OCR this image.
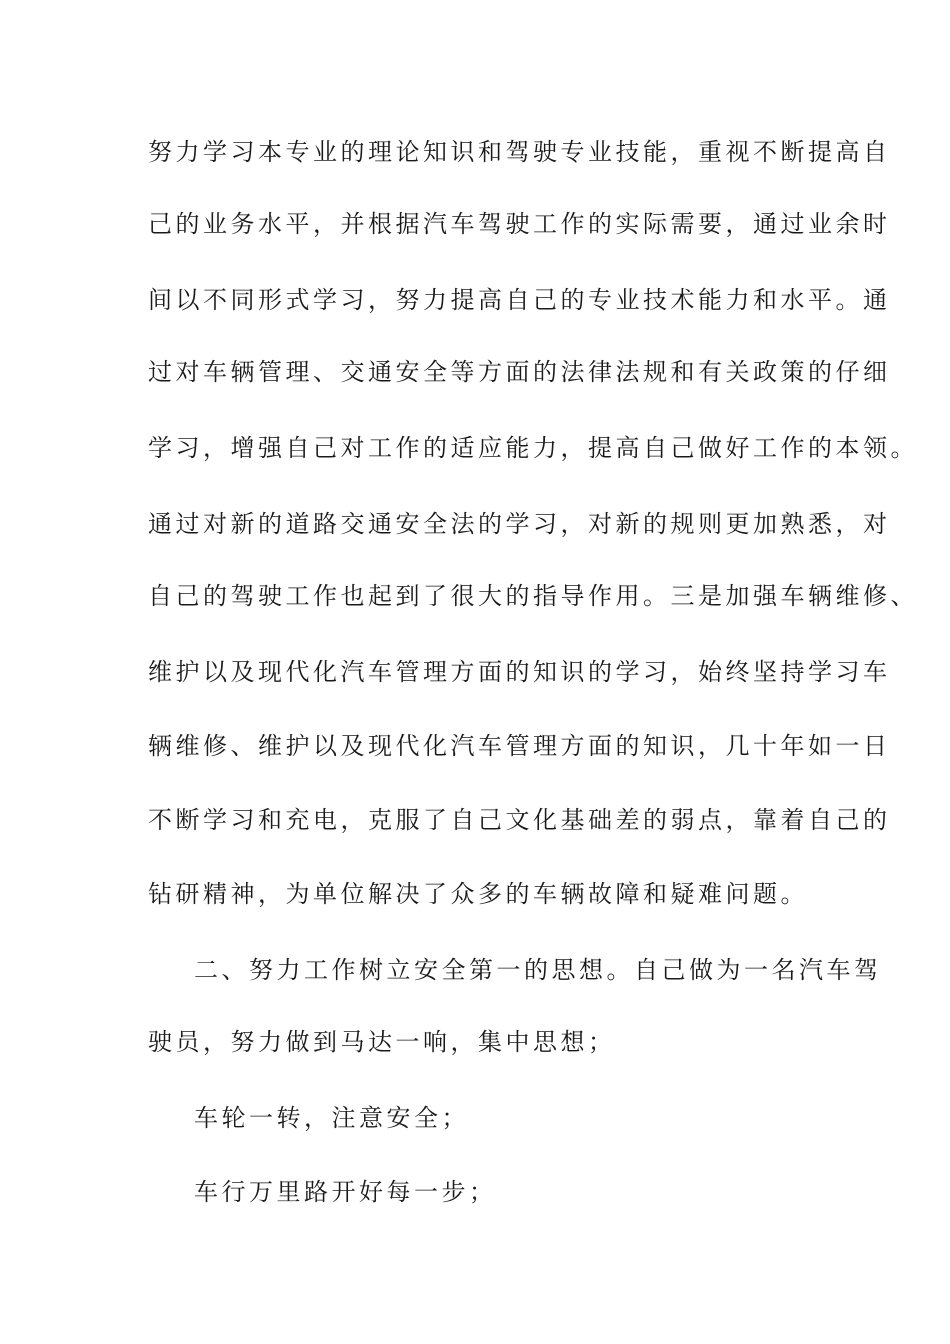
努力学习本专业的理论知识和驾驶专业技能，重视不断提高自
己的业务水平，并根据汽车驾驶工作的实际需要，通过业余时
间以不同形式学习，努力提高自己的专业技术能力和水平。通
过对车辆管理、交通安全等方面的法律法规和有关政策的仔细
学习，增强自己对工作的适应能力，提高自己做好工作的本领。
通过对新的道路交通安全法的学习，对新的规则更加熟悉，对
自己的驾驶工作也起到了很大的指导作用。三是加强车辆维修、
维护以及现代化汽车管理方面的知识的学习，始终坚持学习车
辆维修、维护以及现代化汽车管理方面的知识，几十年如一日
不断学习和充电，克服了自己文化基础差的弱点，靠着自己的
钻研精神，为单位解决了众多的车辆故障和疑难问题。
二、努力工作树立安全第一的思想。自己做为一名汽车驾
驶员，努力做到马达一响，集中思想；
车轮一转，注意安全；
车行万里路开好每一步；
